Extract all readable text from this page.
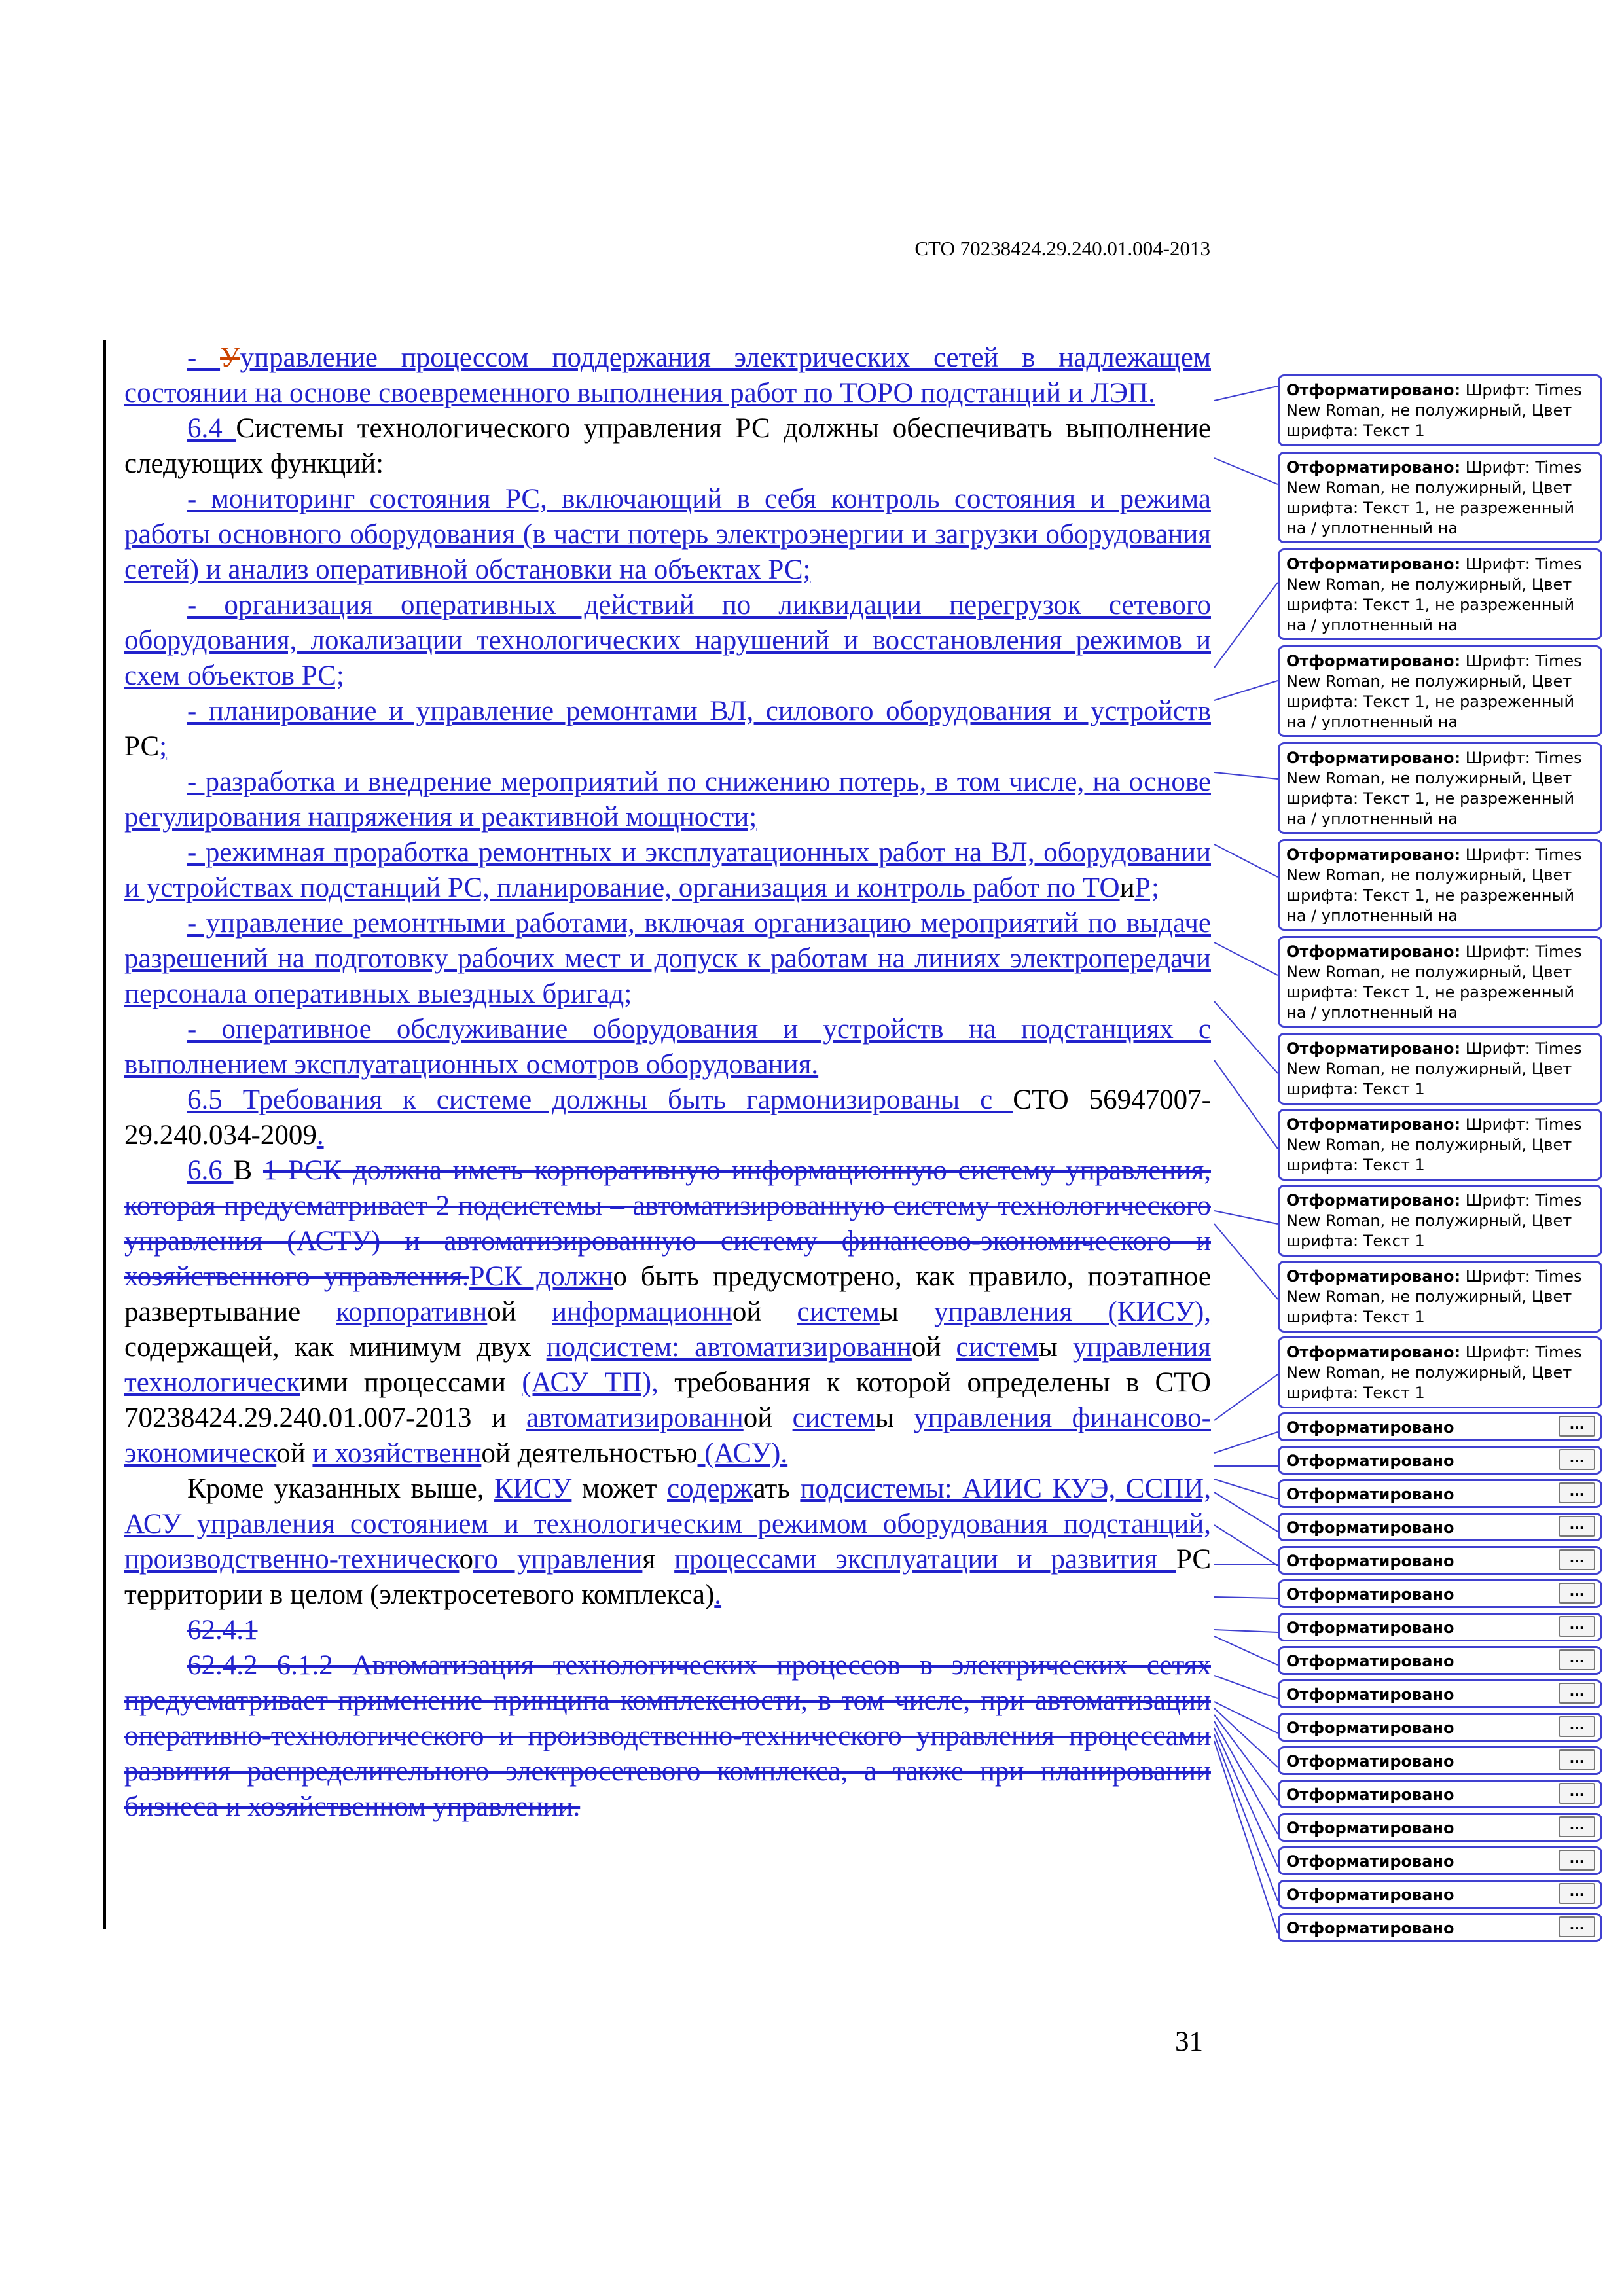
СТО 70238424.29.240.01.004-2013

- Ууправление процессом поддержания электрических сетей в надлежащем состоянии на основе своевременного выполнения работ по ТОРО подстанций и ЛЭП.

6.4 Системы технологического управления РС должны обеспечивать выполнение следующих функций:

- мониторинг состояния РС, включающий в себя контроль состояния и режима работы основного оборудования (в части потерь электроэнергии и загрузки оборудования сетей) и анализ оперативной обстановки на объектах РС;

- организация оперативных действий по ликвидации перегрузок сетевого оборудования, локализации технологических нарушений и восстановления режимов и схем объектов РС;

- планирование и управление ремонтами ВЛ, силового оборудования и устройств РС;

- разработка и внедрение мероприятий по снижению потерь, в том числе, на основе регулирования напряжения и реактивной мощности;

- режимная проработка ремонтных и эксплуатационных работ на ВЛ, оборудовании и устройствах подстанций РС, планирование, организация и контроль работ по ТОиР;

- управление ремонтными работами, включая организацию мероприятий по выдаче разрешений на подготовку рабочих мест и допуск к работам на линиях электропередачи персонала оперативных выездных бригад;

- оперативное обслуживание оборудования и устройств на подстанциях с выполнением эксплуатационных осмотров оборудования.

6.5 Требования к системе должны быть гармонизированы с СТО 56947007-29.240.034-2009.

6.6 В 1 РСК должна иметь корпоративную информационную систему управления, которая предусматривает 2 подсистемы – автоматизированную систему технологического управления (АСТУ) и автоматизированную систему финансово-экономического и хозяйственного управления.РСК должно быть предусмотрено, как правило, поэтапное развертывание корпоративной информационной системы управления (КИСУ), содержащей, как минимум двух подсистем: автоматизированной системы управления технологическими процессами (АСУ ТП), требования к которой определены в СТО 70238424.29.240.01.007-2013 и автоматизированной системы управления финансово-экономической и хозяйственной деятельностью (АСУ).

Кроме указанных выше, КИСУ может содержать подсистемы: АИИС КУЭ, ССПИ, АСУ управления состоянием и технологическим режимом оборудования подстанций, производственно-технического управления процессами эксплуатации и развития РС территории в целом (электросетевого комплекса).

62.4.1

62.4.2 6.1.2 Автоматизация технологических процессов в электрических сетях предусматривает применение принципа комплексности, в том числе, при автоматизации оперативно-технологического и производственно-технического управления процессами развития распределительного электросетевого комплекса, а также при планировании бизнеса и хозяйственном управлении.

Отформатировано: Шрифт: Times New Roman, не полужирный, Цвет шрифта: Текст 1
Отформатировано: Шрифт: Times New Roman, не полужирный, Цвет шрифта: Текст 1, не разреженный на / уплотненный на
Отформатировано: Шрифт: Times New Roman, не полужирный, Цвет шрифта: Текст 1, не разреженный на / уплотненный на
Отформатировано: Шрифт: Times New Roman, не полужирный, Цвет шрифта: Текст 1, не разреженный на / уплотненный на
Отформатировано: Шрифт: Times New Roman, не полужирный, Цвет шрифта: Текст 1, не разреженный на / уплотненный на
Отформатировано: Шрифт: Times New Roman, не полужирный, Цвет шрифта: Текст 1, не разреженный на / уплотненный на
Отформатировано: Шрифт: Times New Roman, не полужирный, Цвет шрифта: Текст 1, не разреженный на / уплотненный на
Отформатировано: Шрифт: Times New Roman, не полужирный, Цвет шрифта: Текст 1
Отформатировано: Шрифт: Times New Roman, не полужирный, Цвет шрифта: Текст 1
Отформатировано: Шрифт: Times New Roman, не полужирный, Цвет шрифта: Текст 1
Отформатировано: Шрифт: Times New Roman, не полужирный, Цвет шрифта: Текст 1
Отформатировано: Шрифт: Times New Roman, не полужирный, Цвет шрифта: Текст 1
Отформатировано	...
Отформатировано	...
Отформатировано	...
Отформатировано	...
Отформатировано	...
Отформатировано	...
Отформатировано	...
Отформатировано	...
Отформатировано	...
Отформатировано	...
Отформатировано	...
Отформатировано	...
Отформатировано	...
Отформатировано	...
Отформатировано	...
Отформатировано	...
31
